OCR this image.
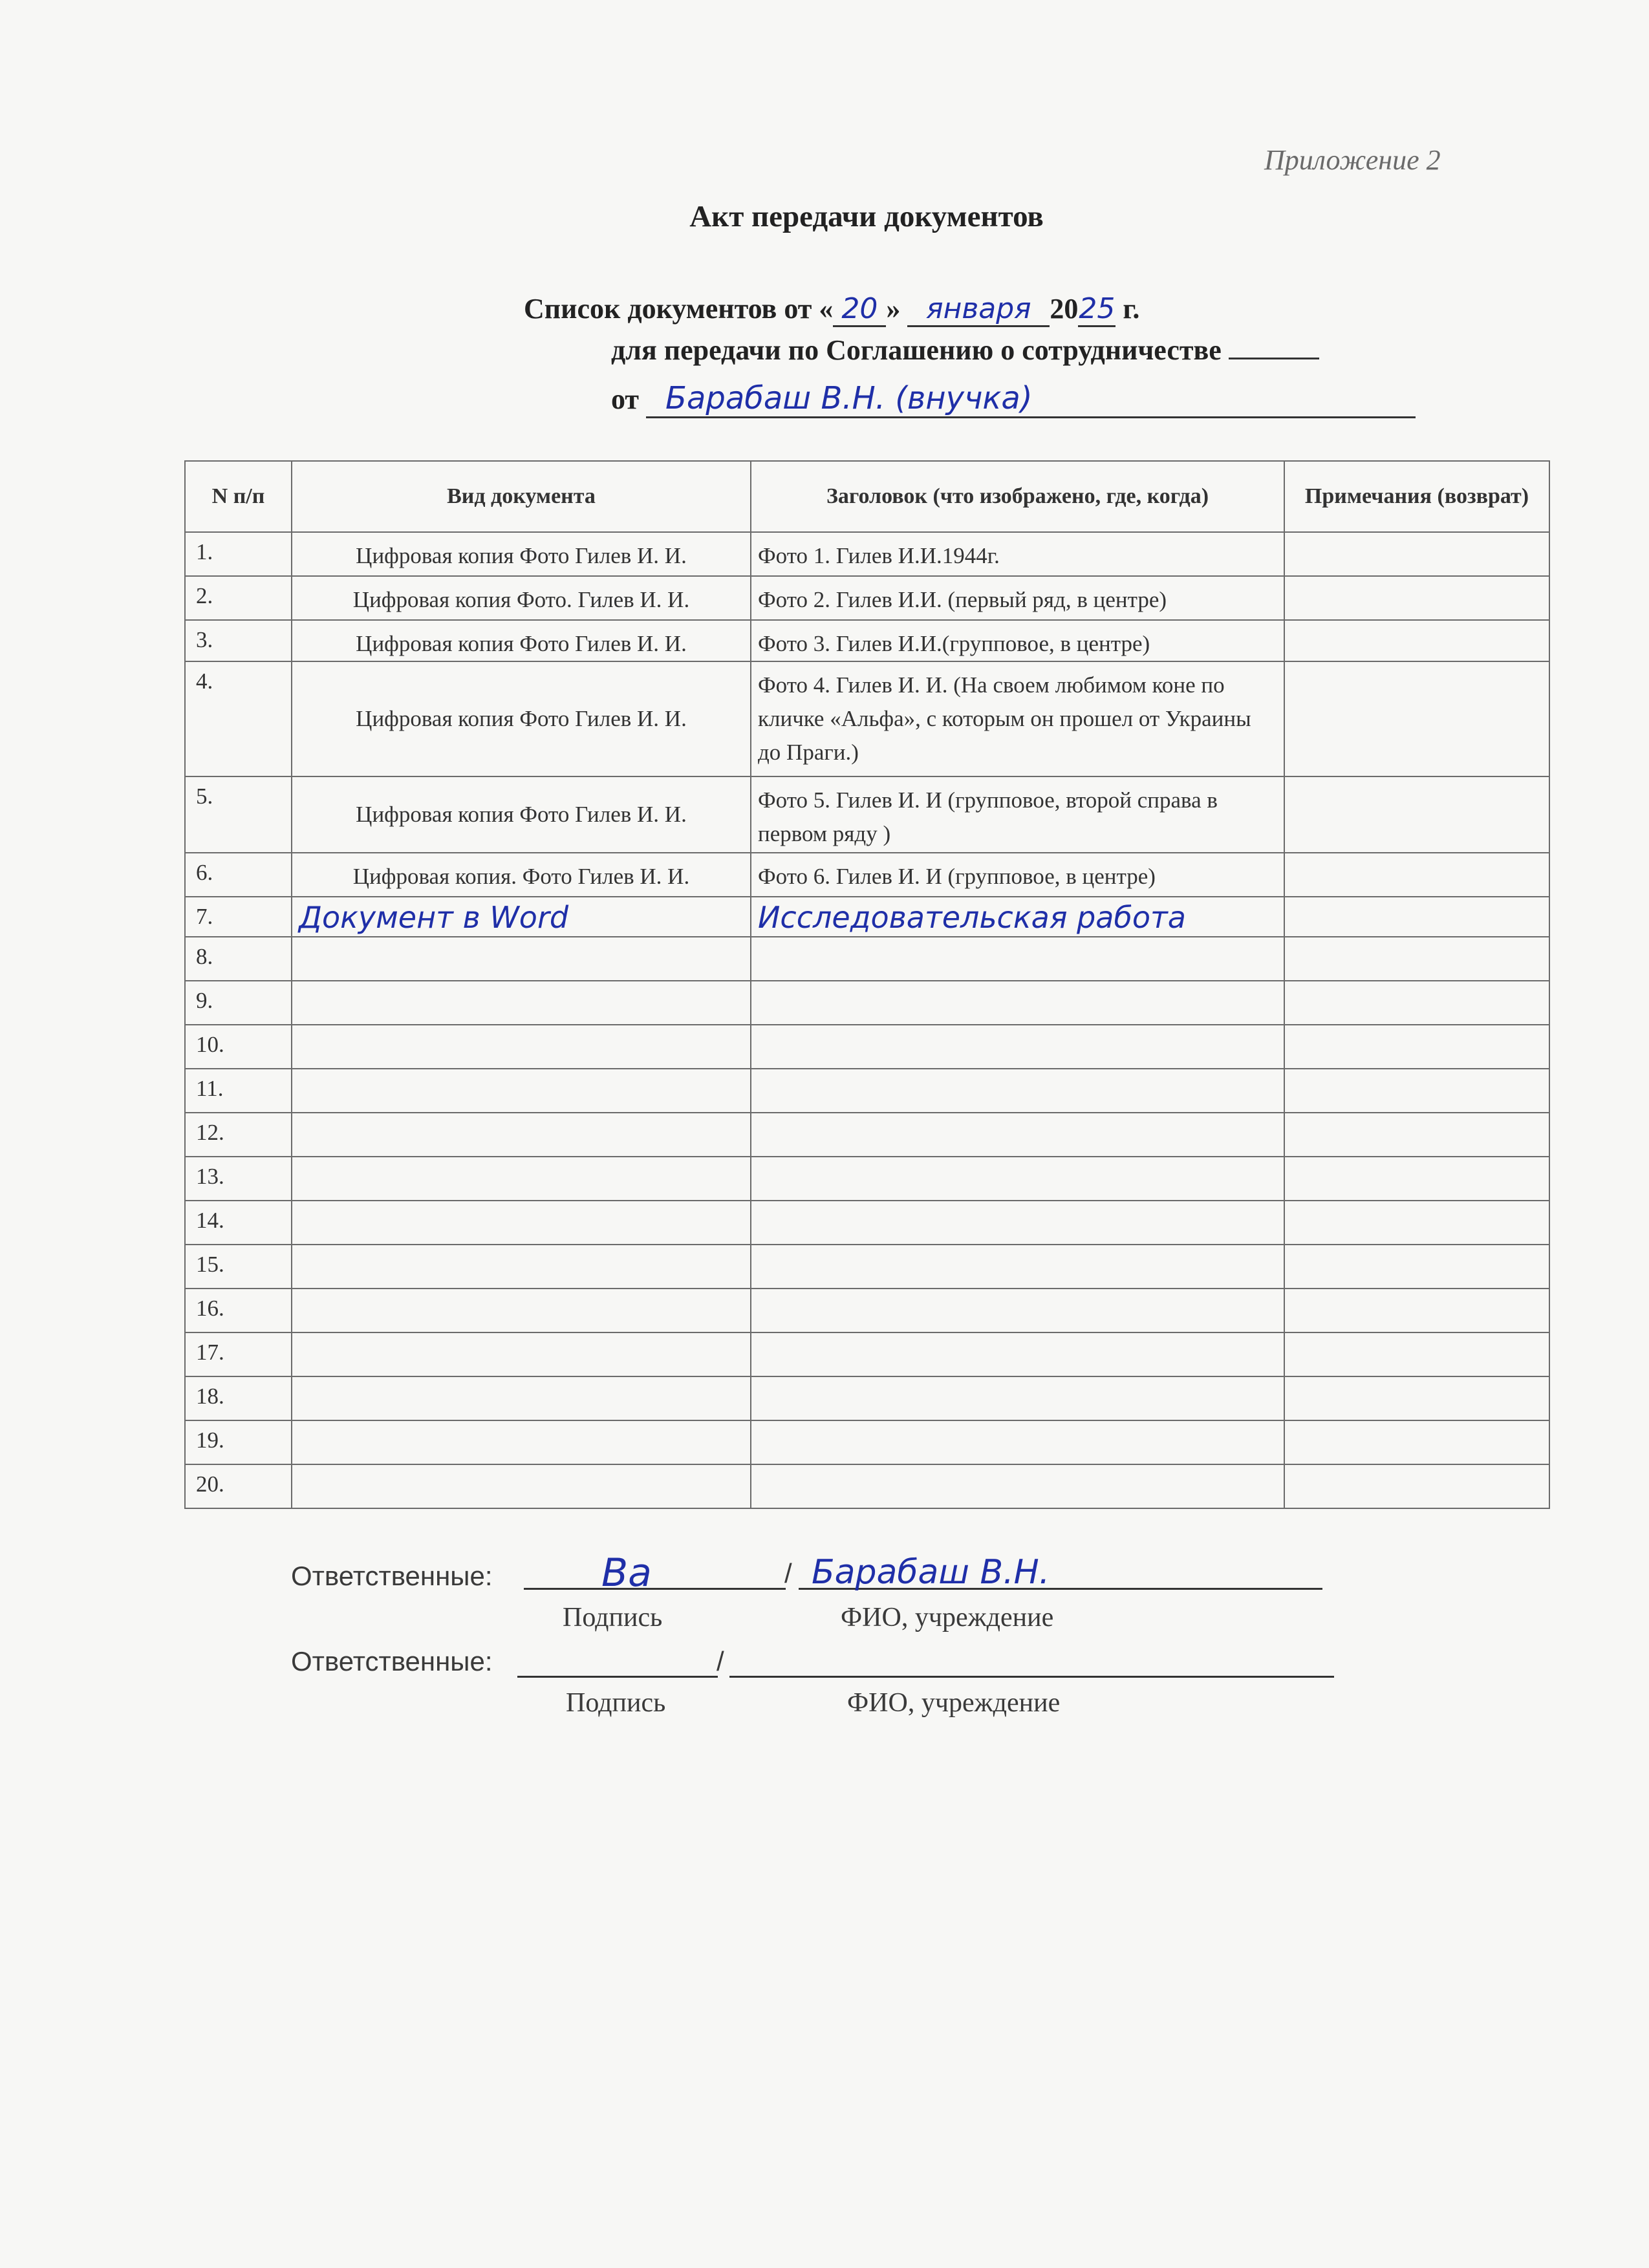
Приложение 2
Акт передачи документов
Список документов от « 20 » января 2025 г.
для передачи по Соглашению о сотрудничестве
от Барабаш В.Н. (внучка)
N п/п	Вид документа	Заголовок (что изображено, где, когда)	Примечания (возврат)
1.	Цифровая копия Фото Гилев И. И.	Фото 1. Гилев И.И.1944г.	

2.	Цифровая копия Фото. Гилев И. И.	Фото 2. Гилев И.И. (первый ряд, в центре)	

3.	Цифровая копия Фото Гилев И. И.	Фото 3. Гилев И.И.(групповое, в центре)	

4.	Цифровая копия Фото Гилев И. И.	Фото 4. Гилев И. И. (На своем любимом коне по кличке «Альфа», с которым он прошел от Украины до Праги.)	

5.	Цифровая копия Фото Гилев И. И.	Фото 5. Гилев И. И (групповое, второй справа в первом ряду )	

6.	Цифровая копия. Фото Гилев И. И.	Фото 6. Гилев И. И (групповое, в центре)	

7.	Документ в Word	Исследовательская работа	
8.			
9.			
10.			
11.			
12.			
13.			
14.			
15.			
16.			
17.			
18.			
19.			
20.			
Ответственные:	Ва	/ Барабаш В.Н.
Подпись	ФИО, учреждение
Ответственные:	/
Подпись	ФИО, учреждение
